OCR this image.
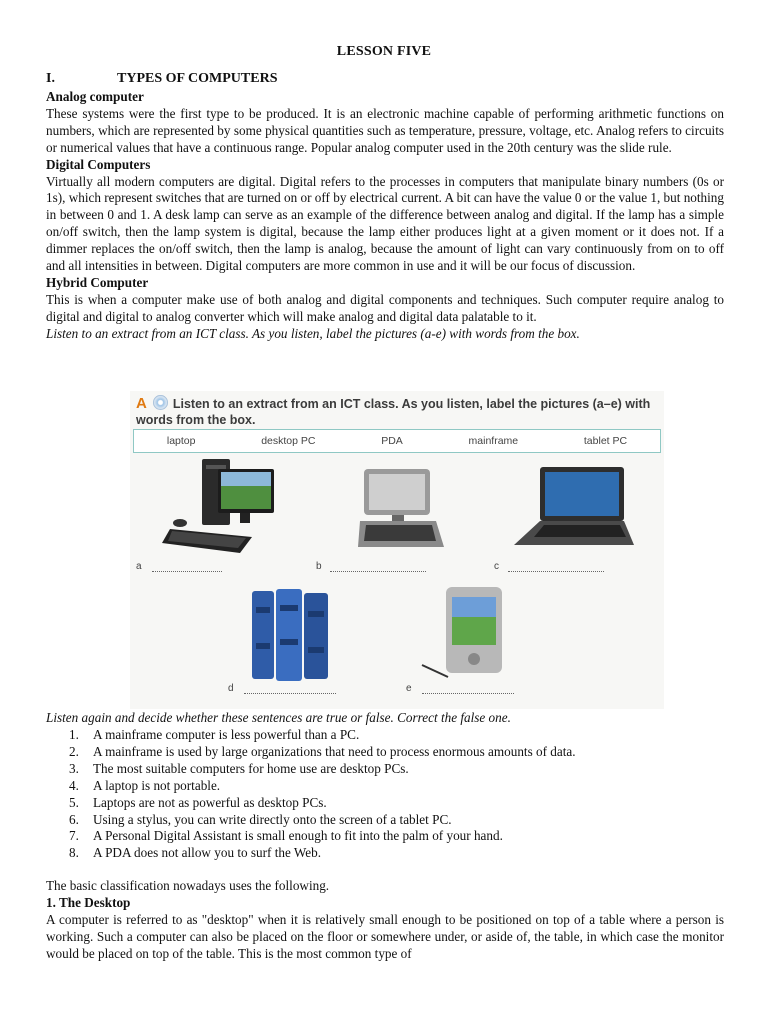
LESSON FIVE
I.	TYPES OF COMPUTERS

Analog computer

These systems were the first type to be produced. It is an electronic machine capable of performing arithmetic functions on numbers, which are represented by some physical quantities such as temperature, pressure, voltage, etc. Analog refers to circuits or numerical values that have a continuous range. Popular analog computer used in the 20th century was the slide rule.

Digital Computers

Virtually all modern computers are digital. Digital refers to the processes in computers that manipulate binary numbers (0s or 1s), which represent switches that are turned on or off by electrical current. A bit can have the value 0 or the value 1, but nothing in between 0 and 1. A desk lamp can serve as an example of the difference between analog and digital. If the lamp has a simple on/off switch, then the lamp system is digital, because the lamp either produces light at a given moment or it does not. If a dimmer replaces the on/off switch, then the lamp is analog, because the amount of light can vary continuously from on to off and all intensities in between. Digital computers are more common in use and it will be our focus of discussion.

Hybrid Computer

This is when a computer make use of both analog and digital components and techniques. Such computer require analog to digital and digital to analog converter which will make analog and digital data palatable to it.

Listen to an extract from an ICT class. As you listen, label the pictures (a-e) with words from the box.

A Listen to an extract from an ICT class. As you listen, label the pictures (a–e) with words from the box.
laptop	desktop PC	PDA	mainframe	tablet PC
a	b	c
d	e

Listen again and decide whether these sentences are true or false. Correct the false one.

1. A mainframe computer is less powerful than a PC.
2. A mainframe is used by large organizations that need to process enormous amounts of data.
3. The most suitable computers for home use are desktop PCs.
4. A laptop is not portable.
5. Laptops are not as powerful as desktop PCs.
6. Using a stylus, you can write directly onto the screen of a tablet PC.
7. A Personal Digital Assistant is small enough to fit into the palm of your hand.
8. A PDA does not allow you to surf the Web.

The basic classification nowadays uses the following.

1. The Desktop

A computer is referred to as "desktop" when it is relatively small enough to be positioned on top of a table where a person is working. Such a computer can also be placed on the floor or somewhere under, or aside of, the table, in which case the monitor would be placed on top of the table. This is the most common type of
